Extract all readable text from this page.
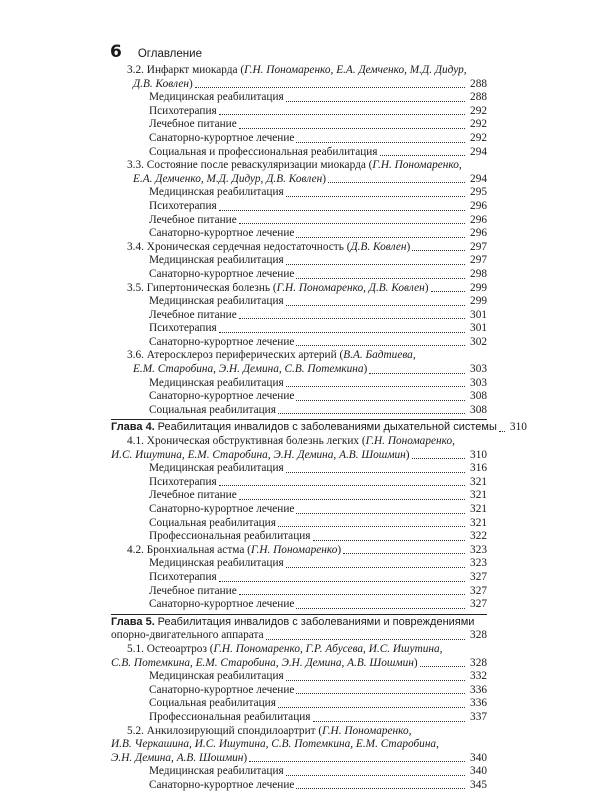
6 Оглавление
3.2. Инфаркт миокарда (Г.Н. Пономаренко, Е.А. Демченко, М.Д. Дидур,
Д.В. Ковлен)	288
Медицинская реабилитация	288
Психотерапия	292
Лечебное питание	292
Санаторно-курортное лечение	292
Социальная и профессиональная реабилитация	294
3.3. Состояние после реваскуляризации миокарда (Г.Н. Пономаренко,
Е.А. Демченко, М.Д. Дидур, Д.В. Ковлен)	294
Медицинская реабилитация	295
Психотерапия	296
Лечебное питание	296
Санаторно-курортное лечение	296
3.4. Хроническая сердечная недостаточность (Д.В. Ковлен)	297
Медицинская реабилитация	297
Санаторно-курортное лечение	298
3.5. Гипертоническая болезнь (Г.Н. Пономаренко, Д.В. Ковлен)	299
Медицинская реабилитация	299
Лечебное питание	301
Психотерапия	301
Санаторно-курортное лечение	302
3.6. Атеросклероз периферических артерий (В.А. Бадтиева,
Е.М. Старобина, Э.Н. Демина, С.В. Потемкина)	303
Медицинская реабилитация	303
Санаторно-курортное лечение	308
Социальная реабилитация	308
Глава 4. Реабилитация инвалидов с заболеваниями дыхательной системы 310
4.1. Хроническая обструктивная болезнь легких (Г.Н. Пономаренко,
И.С. Ишутина, Е.М. Старобина, Э.Н. Демина, А.В. Шошмин)	310
Медицинская реабилитация	316
Психотерапия	321
Лечебное питание	321
Санаторно-курортное лечение	321
Социальная реабилитация	321
Профессиональная реабилитация	322
4.2. Бронхиальная астма (Г.Н. Пономаренко)	323
Медицинская реабилитация	323
Психотерапия	327
Лечебное питание	327
Санаторно-курортное лечение	327
Глава 5. Реабилитация инвалидов с заболеваниями и повреждениями
опорно-двигательного аппарата	328
5.1. Остеоартроз (Г.Н. Пономаренко, Г.Р. Абусева, И.С. Ишутина,
С.В. Потемкина, Е.М. Старобина, Э.Н. Демина, А.В. Шошмин)	328
Медицинская реабилитация	332
Санаторно-курортное лечение	336
Социальная реабилитация	336
Профессиональная реабилитация	337
5.2. Анкилозирующий спондилоартрит (Г.Н. Пономаренко,
И.В. Черкашина, И.С. Ишутина, С.В. Потемкина, Е.М. Старобина,
Э.Н. Демина, А.В. Шошмин)	340
Медицинская реабилитация	340
Санаторно-курортное лечение	345
